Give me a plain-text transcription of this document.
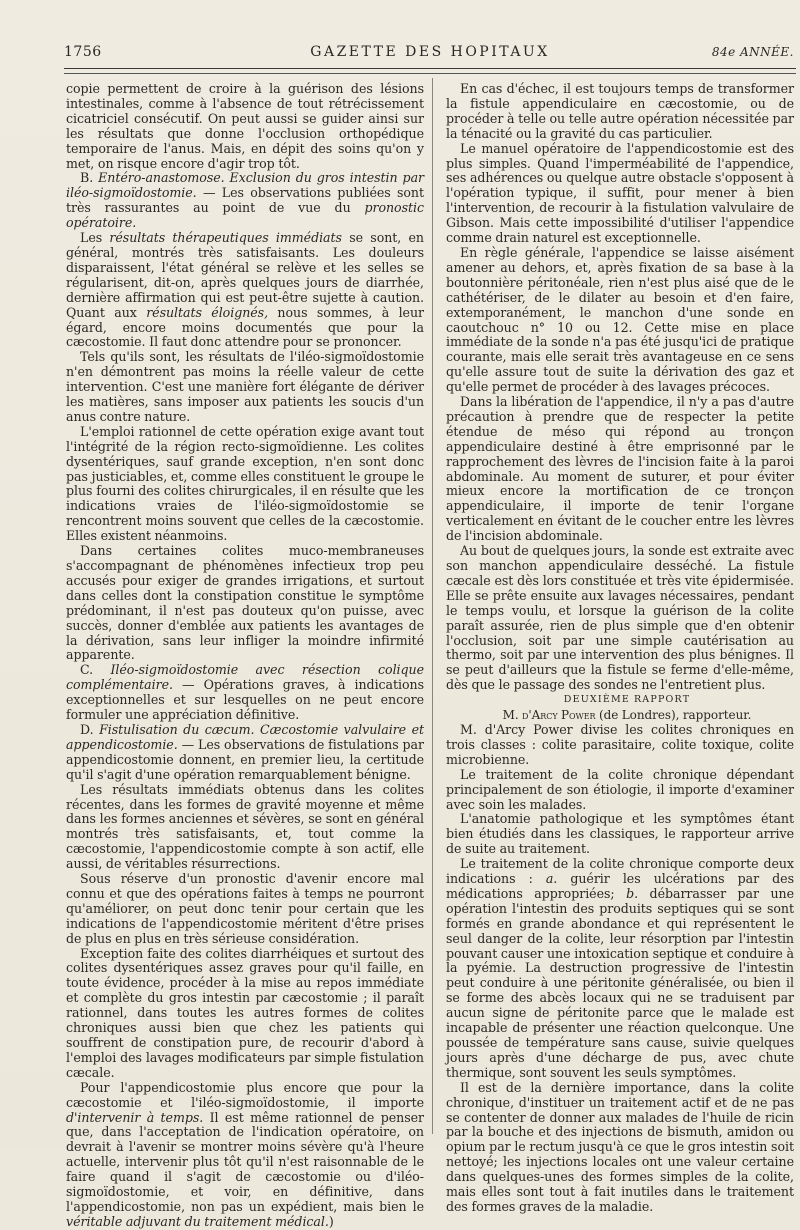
1756	GAZETTE DES HOPITAUX	84e ANNÉE.

copie permettent de croire à la guérison des lésions intestinales, comme à l'absence de tout rétrécissement cicatriciel consécutif. On peut aussi se guider ainsi sur les résultats que donne l'occlusion orthopédique temporaire de l'anus. Mais, en dépit des soins qu'on y met, on risque encore d'agir trop tôt.

B. Entéro-anastomose. Exclusion du gros intestin par iléo-sigmoïdostomie. — Les observations publiées sont très rassurantes au point de vue du pronostic opératoire.

Les résultats thérapeutiques immédiats se sont, en général, montrés très satisfaisants. Les douleurs disparaissent, l'état général se relève et les selles se régularisent, dit-on, après quelques jours de diarrhée, dernière affirmation qui est peut-être sujette à caution. Quant aux résultats éloignés, nous sommes, à leur égard, encore moins documentés que pour la cæcostomie. Il faut donc attendre pour se prononcer.

Tels qu'ils sont, les résultats de l'iléo-sigmoïdostomie n'en démontrent pas moins la réelle valeur de cette intervention. C'est une manière fort élégante de dériver les matières, sans imposer aux patients les soucis d'un anus contre nature.

L'emploi rationnel de cette opération exige avant tout l'intégrité de la région recto-sigmoïdienne. Les colites dysentériques, sauf grande exception, n'en sont donc pas justiciables, et, comme elles constituent le groupe le plus fourni des colites chirurgicales, il en résulte que les indications vraies de l'iléo-sigmoïdostomie se rencontrent moins souvent que celles de la cæcostomie. Elles existent néanmoins.

Dans certaines colites muco-membraneuses s'accompagnant de phénomènes infectieux trop peu accusés pour exiger de grandes irrigations, et surtout dans celles dont la constipation constitue le symptôme prédominant, il n'est pas douteux qu'on puisse, avec succès, donner d'emblée aux patients les avantages de la dérivation, sans leur infliger la moindre infirmité apparente.

C. Iléo-sigmoïdostomie avec résection colique complémentaire. — Opérations graves, à indications exceptionnelles et sur lesquelles on ne peut encore formuler une appréciation définitive.

D. Fistulisation du cæcum. Cæcostomie valvulaire et appendicostomie. — Les observations de fistulations par appendicostomie donnent, en premier lieu, la certitude qu'il s'agit d'une opération remarquablement bénigne.

Les résultats immédiats obtenus dans les colites récentes, dans les formes de gravité moyenne et même dans les formes anciennes et sévères, se sont en général montrés très satisfaisants, et, tout comme la cæcostomie, l'appendicostomie compte à son actif, elle aussi, de véritables résurrections.

Sous réserve d'un pronostic d'avenir encore mal connu et que des opérations faites à temps ne pourront qu'améliorer, on peut donc tenir pour certain que les indications de l'appendicostomie méritent d'être prises de plus en plus en très sérieuse considération.

Exception faite des colites diarrhéiques et surtout des colites dysentériques assez graves pour qu'il faille, en toute évidence, procéder à la mise au repos immédiate et complète du gros intestin par cæcostomie ; il paraît rationnel, dans toutes les autres formes de colites chroniques aussi bien que chez les patients qui souffrent de constipation pure, de recourir d'abord à l'emploi des lavages modificateurs par simple fistulation cæcale.

Pour l'appendicostomie plus encore que pour la cæcostomie et l'iléo-sigmoïdostomie, il importe d'intervenir à temps. Il est même rationnel de penser que, dans l'acceptation de l'indication opératoire, on devrait à l'avenir se montrer moins sévère qu'à l'heure actuelle, intervenir plus tôt qu'il n'est raisonnable de le faire quand il s'agit de cæcostomie ou d'iléo-sigmoïdostomie, et voir, en définitive, dans l'appendicostomie, non pas un expédient, mais bien le véritable adjuvant du traitement médical.)

En cas d'échec, il est toujours temps de transformer la fistule appendiculaire en cæcostomie, ou de procéder à telle ou telle autre opération nécessitée par la ténacité ou la gravité du cas particulier.

Le manuel opératoire de l'appendicostomie est des plus simples. Quand l'imperméabilité de l'appendice, ses adhérences ou quelque autre obstacle s'opposent à l'opération typique, il suffit, pour mener à bien l'intervention, de recourir à la fistulation valvulaire de Gibson. Mais cette impossibilité d'utiliser l'appendice comme drain naturel est exceptionnelle.

En règle générale, l'appendice se laisse aisément amener au dehors, et, après fixation de sa base à la boutonnière péritonéale, rien n'est plus aisé que de le cathétériser, de le dilater au besoin et d'en faire, extemporanément, le manchon d'une sonde en caoutchouc n° 10 ou 12. Cette mise en place immédiate de la sonde n'a pas été jusqu'ici de pratique courante, mais elle serait très avantageuse en ce sens qu'elle assure tout de suite la dérivation des gaz et qu'elle permet de procéder à des lavages précoces.

Dans la libération de l'appendice, il n'y a pas d'autre précaution à prendre que de respecter la petite étendue de méso qui répond au tronçon appendiculaire destiné à être emprisonné par le rapprochement des lèvres de l'incision faite à la paroi abdominale. Au moment de suturer, et pour éviter mieux encore la mortification de ce tronçon appendiculaire, il importe de tenir l'organe verticalement en évitant de le coucher entre les lèvres de l'incision abdominale.

Au bout de quelques jours, la sonde est extraite avec son manchon appendiculaire desséché. La fistule cæcale est dès lors constituée et très vite épidermisée. Elle se prête ensuite aux lavages nécessaires, pendant le temps voulu, et lorsque la guérison de la colite paraît assurée, rien de plus simple que d'en obtenir l'occlusion, soit par une simple cautérisation au thermo, soit par une intervention des plus bénignes. Il se peut d'ailleurs que la fistule se ferme d'elle-même, dès que le passage des sondes ne l'entretient plus.

DEUXIÈME RAPPORT

M. d'Arcy Power (de Londres), rapporteur.

M. d'Arcy Power divise les colites chroniques en trois classes : colite parasitaire, colite toxique, colite microbienne.

Le traitement de la colite chronique dépendant principalement de son étiologie, il importe d'examiner avec soin les malades.

L'anatomie pathologique et les symptômes étant bien étudiés dans les classiques, le rapporteur arrive de suite au traitement.

Le traitement de la colite chronique comporte deux indications : a. guérir les ulcérations par des médications appropriées; b. débarrasser par une opération l'intestin des produits septiques qui se sont formés en grande abondance et qui représentent le seul danger de la colite, leur résorption par l'intestin pouvant causer une intoxication septique et conduire à la pyémie. La destruction progressive de l'intestin peut conduire à une péritonite généralisée, ou bien il se forme des abcès locaux qui ne se traduisent par aucun signe de péritonite parce que le malade est incapable de présenter une réaction quelconque. Une poussée de température sans cause, suivie quelques jours après d'une décharge de pus, avec chute thermique, sont souvent les seuls symptômes.

Il est de la dernière importance, dans la colite chronique, d'instituer un traitement actif et de ne pas se contenter de donner aux malades de l'huile de ricin par la bouche et des injections de bismuth, amidon ou opium par le rectum jusqu'à ce que le gros intestin soit nettoyé; les injections locales ont une valeur certaine dans quelques-unes des formes simples de la colite, mais elles sont tout à fait inutiles dans le traitement des formes graves de la maladie.
